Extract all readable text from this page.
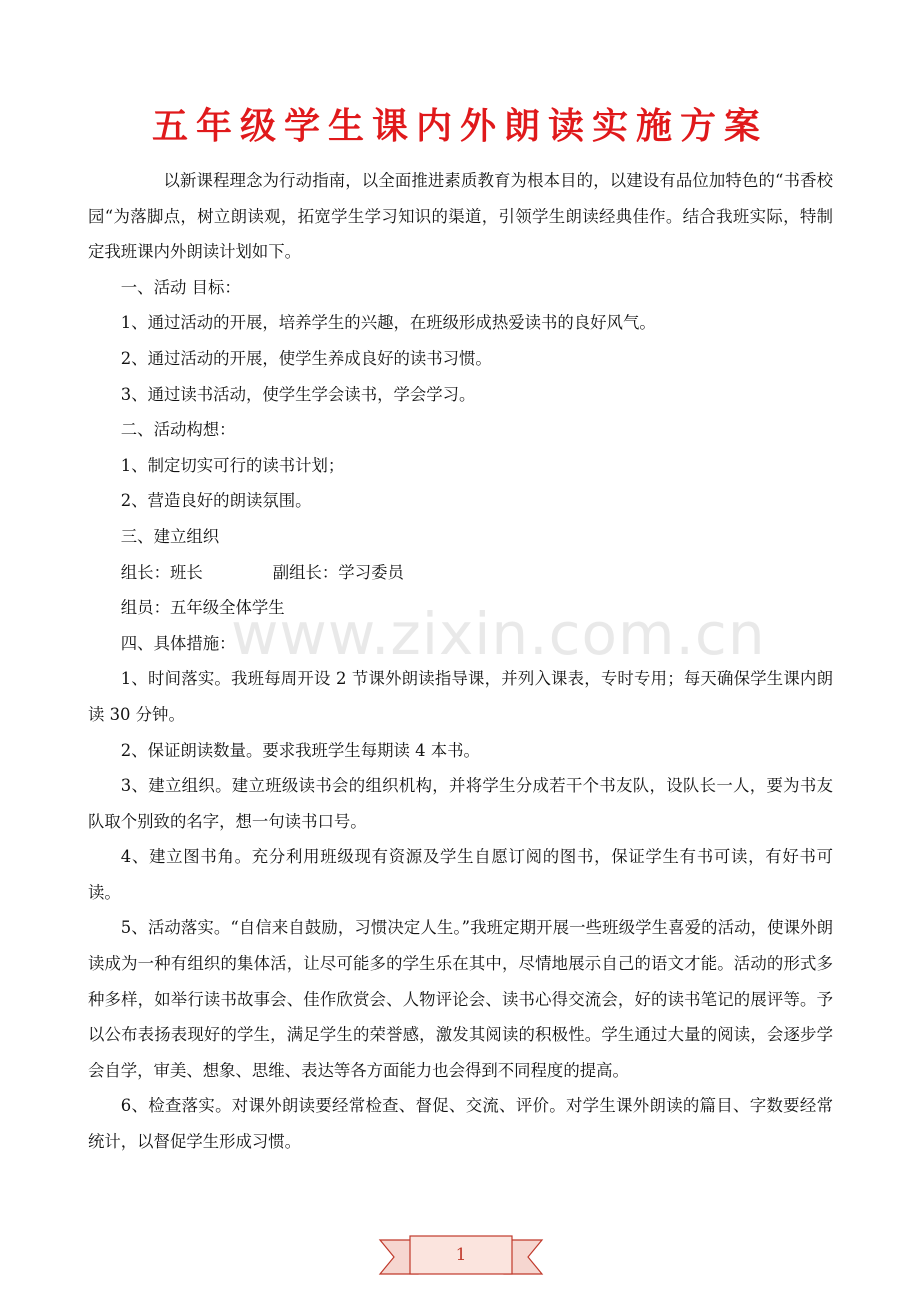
五年级学生课内外朗读实施方案
www.zixin.com.cn

以新课程理念为行动指南，以全面推进素质教育为根本目的，以建设有品位加特色的“书香校园“为落脚点，树立朗读观，拓宽学生学习知识的渠道，引领学生朗读经典佳作。结合我班实际，特制定我班课内外朗读计划如下。

一、活动 目标：

1、通过活动的开展，培养学生的兴趣，在班级形成热爱读书的良好风气。

2、通过活动的开展，使学生养成良好的读书习惯。

3、通过读书活动，使学生学会读书，学会学习。

二、活动构想：

1、制定切实可行的读书计划；

2、营造良好的朗读氛围。

三、建立组织

组长：班长	副组长：学习委员

组员：五年级全体学生

四、具体措施：

1、时间落实。我班每周开设 2 节课外朗读指导课，并列入课表，专时专用；每天确保学生课内朗读 30 分钟。

2、保证朗读数量。要求我班学生每期读 4 本书。

3、建立组织。建立班级读书会的组织机构，并将学生分成若干个书友队，设队长一人，要为书友队取个别致的名字，想一句读书口号。

4、建立图书角。充分利用班级现有资源及学生自愿订阅的图书，保证学生有书可读，有好书可读。

5、活动落实。“自信来自鼓励，习惯决定人生。”我班定期开展一些班级学生喜爱的活动，使课外朗读成为一种有组织的集体活，让尽可能多的学生乐在其中，尽情地展示自己的语文才能。活动的形式多种多样，如举行读书故事会、佳作欣赏会、人物评论会、读书心得交流会，好的读书笔记的展评等。予以公布表扬表现好的学生，满足学生的荣誉感，激发其阅读的积极性。学生通过大量的阅读，会逐步学会自学，审美、想象、思维、表达等各方面能力也会得到不同程度的提高。

6、检查落实。对课外朗读要经常检查、督促、交流、评价。对学生课外朗读的篇目、字数要经常统计，以督促学生形成习惯。

1
